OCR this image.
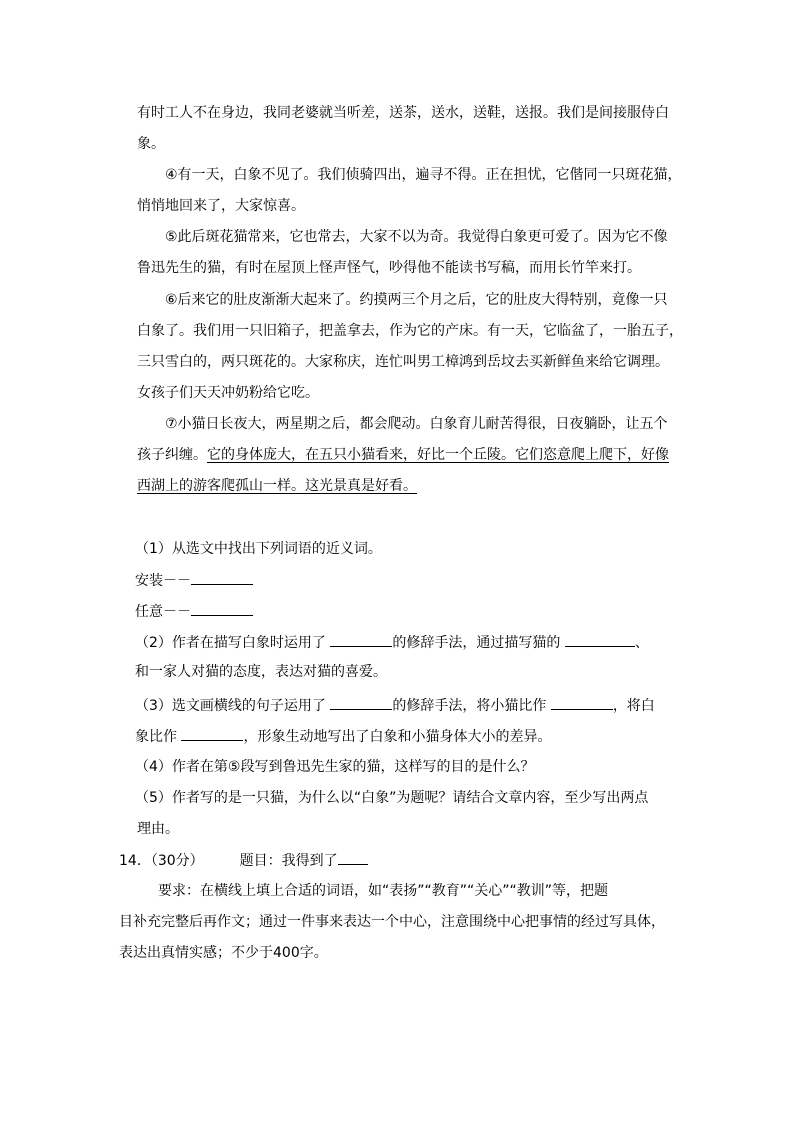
有时工人不在身边，我同老婆就当听差，送茶，送水，送鞋，送报。我们是间接服侍白
象。
④有一天，白象不见了。我们侦骑四出，遍寻不得。正在担忧，它偕同一只斑花猫，
悄悄地回来了，大家惊喜。
⑤此后斑花猫常来，它也常去，大家不以为奇。我觉得白象更可爱了。因为它不像
鲁迅先生的猫，有时在屋顶上怪声怪气，吵得他不能读书写稿，而用长竹竿来打。
⑥后来它的肚皮渐渐大起来了。约摸两三个月之后，它的肚皮大得特别，竟像一只
白象了。我们用一只旧箱子，把盖拿去，作为它的产床。有一天，它临盆了，一胎五子，
三只雪白的，两只斑花的。大家称庆，连忙叫男工樟鸿到岳坟去买新鲜鱼来给它调理。
女孩子们天天冲奶粉给它吃。
⑦小猫日长夜大，两星期之后，都会爬动。白象育儿耐苦得很，日夜躺卧，让五个
孩子纠缠。它的身体庞大，在五只小猫看来，好比一个丘陵。它们恣意爬上爬下，好像
西湖上的游客爬孤山一样。这光景真是好看。
（1）从选文中找出下列词语的近义词。
安装－－
任意－－
（2）作者在描写白象时运用了	的修辞手法，通过描写猫的	、
和一家人对猫的态度，表达对猫的喜爱。
（3）选文画横线的句子运用了	的修辞手法，将小猫比作	，将白
象比作	，形象生动地写出了白象和小猫身体大小的差异。
（4）作者在第⑤段写到鲁迅先生家的猫，这样写的目的是什么？
（5）作者写的是一只猫，为什么以“白象”为题呢？请结合文章内容，至少写出两点
理由。
14．（30分）	题目：我得到了
要求：在横线上填上合适的词语，如“表扬”“教育”“关心”“教训”等，把题
目补充完整后再作文；通过一件事来表达一个中心，注意围绕中心把事情的经过写具体，
表达出真情实感；不少于400字。
